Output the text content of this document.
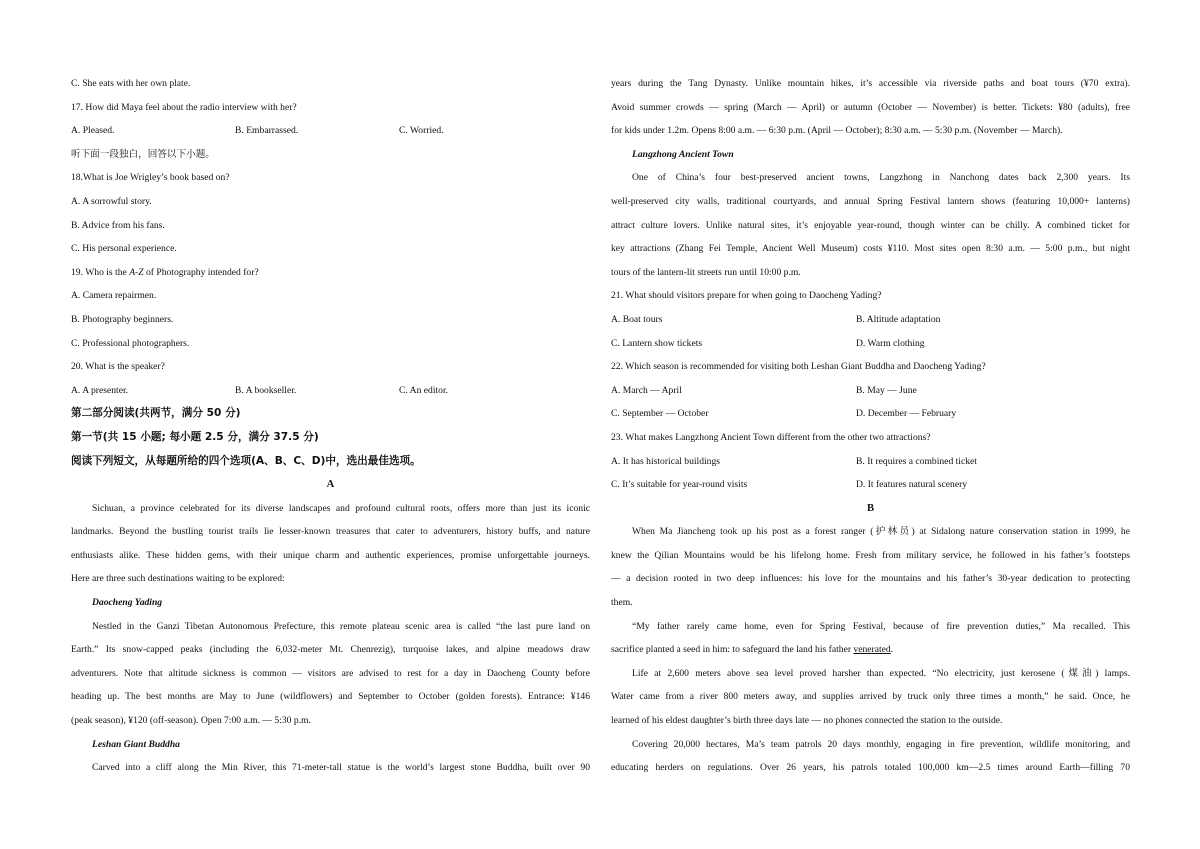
C. She eats with her own plate.
17. How did Maya feel about the radio interview with her?
A. Pleased.	B. Embarrassed.	C. Worried.
听下面一段独白，回答以下小题。
18.What is Joe Wrigley’s book based on?
A. A sorrowful story.
B. Advice from his fans.
C. His personal experience.
19. Who is the A-Z of Photography intended for?
A. Camera repairmen.
B. Photography beginners.
C. Professional photographers.
20. What is the speaker?
A. A presenter.	B. A bookseller.	C. An editor.
第二部分阅读(共两节，满分 50 分)
第一节(共 15 小题; 每小题 2.5 分，满分 37.5 分)
阅读下列短文，从每题所给的四个选项(A、B、C、D)中，选出最佳选项。
A
Sichuan, a province celebrated for its diverse landscapes and profound cultural roots, offers more than just its iconic
landmarks. Beyond the bustling tourist trails lie lesser-known treasures that cater to adventurers, history buffs, and nature
enthusiasts alike. These hidden gems, with their unique charm and authentic experiences, promise unforgettable journeys.
Here are three such destinations waiting to be explored:
Daocheng Yading
Nestled in the Ganzi Tibetan Autonomous Prefecture, this remote plateau scenic area is called “the last pure land on
Earth.” Its snow-capped peaks (including the 6,032-meter Mt. Chenrezig), turquoise lakes, and alpine meadows draw
adventurers. Note that altitude sickness is common — visitors are advised to rest for a day in Daocheng County before
heading up. The best months are May to June (wildflowers) and September to October (golden forests). Entrance: ¥146
(peak season), ¥120 (off-season). Open 7:00 a.m. — 5:30 p.m.
Leshan Giant Buddha
Carved into a cliff along the Min River, this 71-meter-tall statue is the world’s largest stone Buddha, built over 90
years during the Tang Dynasty. Unlike mountain hikes, it’s accessible via riverside paths and boat tours (¥70 extra).
Avoid summer crowds — spring (March — April) or autumn (October — November) is better. Tickets: ¥80 (adults), free
for kids under 1.2m. Opens 8:00 a.m. — 6:30 p.m. (April — October); 8:30 a.m. — 5:30 p.m. (November — March).
Langzhong Ancient Town
One of China’s four best-preserved ancient towns, Langzhong in Nanchong dates back 2,300 years. Its
well-preserved city walls, traditional courtyards, and annual Spring Festival lantern shows (featuring 10,000+ lanterns)
attract culture lovers. Unlike natural sites, it’s enjoyable year-round, though winter can be chilly. A combined ticket for
key attractions (Zhang Fei Temple, Ancient Well Museum) costs ¥110. Most sites open 8:30 a.m. — 5:00 p.m., but night
tours of the lantern-lit streets run until 10:00 p.m.
21. What should visitors prepare for when going to Daocheng Yading?
A. Boat tours	B. Altitude adaptation
C. Lantern show tickets	D. Warm clothing
22. Which season is recommended for visiting both Leshan Giant Buddha and Daocheng Yading?
A. March — April	B. May — June
C. September — October	D. December — February
23. What makes Langzhong Ancient Town different from the other two attractions?
A. It has historical buildings	B. It requires a combined ticket
C. It’s suitable for year-round visits	D. It features natural scenery
B
When Ma Jiancheng took up his post as a forest ranger (护林员) at Sidalong nature conservation station in 1999, he
knew the Qilian Mountains would be his lifelong home. Fresh from military service, he followed in his father’s footsteps
— a decision rooted in two deep influences: his love for the mountains and his father’s 30-year dedication to protecting
them.
“My father rarely came home, even for Spring Festival, because of fire prevention duties,” Ma recalled. This
sacrifice planted a seed in him: to safeguard the land his father venerated.
Life at 2,600 meters above sea level proved harsher than expected. “No electricity, just kerosene (煤油) lamps.
Water came from a river 800 meters away, and supplies arrived by truck only three times a month,” he said. Once, he
learned of his eldest daughter’s birth three days late — no phones connected the station to the outside.
Covering 20,000 hectares, Ma’s team patrols 20 days monthly, engaging in fire prevention, wildlife monitoring, and
educating herders on regulations. Over 26 years, his patrols totaled 100,000 km—2.5 times around Earth—filling 70
